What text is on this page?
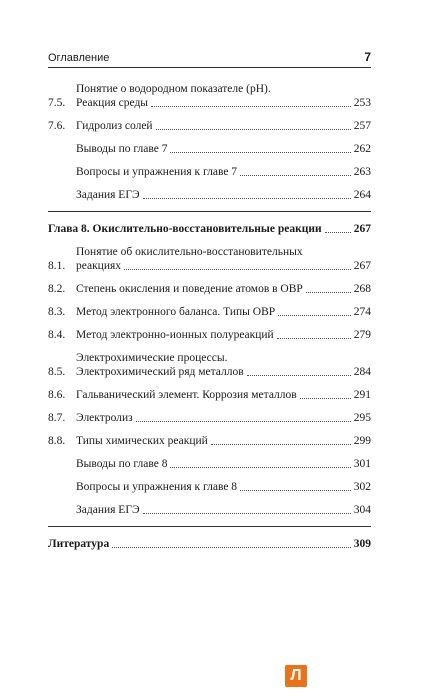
Оглавление	7
7.5.
Понятие о водородном показателе (pH).
Реакция среды	253
7.6. Гидролиз солей	257
Выводы по главе 7	262
Вопросы и упражнения к главе 7	263
Задания ЕГЭ	264
Глава 8. Окислительно-восстановительные реакции	267
8.1.
Понятие об окислительно-восстановительных
реакциях	267
8.2. Степень окисления и поведение атомов в ОВР	268
8.3. Метод электронного баланса. Типы ОВР	274
8.4. Метод электронно-ионных полуреакций	279
8.5.
Электрохимические процессы.
Электрохимический ряд металлов	284
8.6. Гальванический элемент. Коррозия металлов	291
8.7. Электролиз	295
8.8. Типы химических реакций	299
Выводы по главе 8	301
Вопросы и упражнения к главе 8	302
Задания ЕГЭ	304
Литература	309
Л
